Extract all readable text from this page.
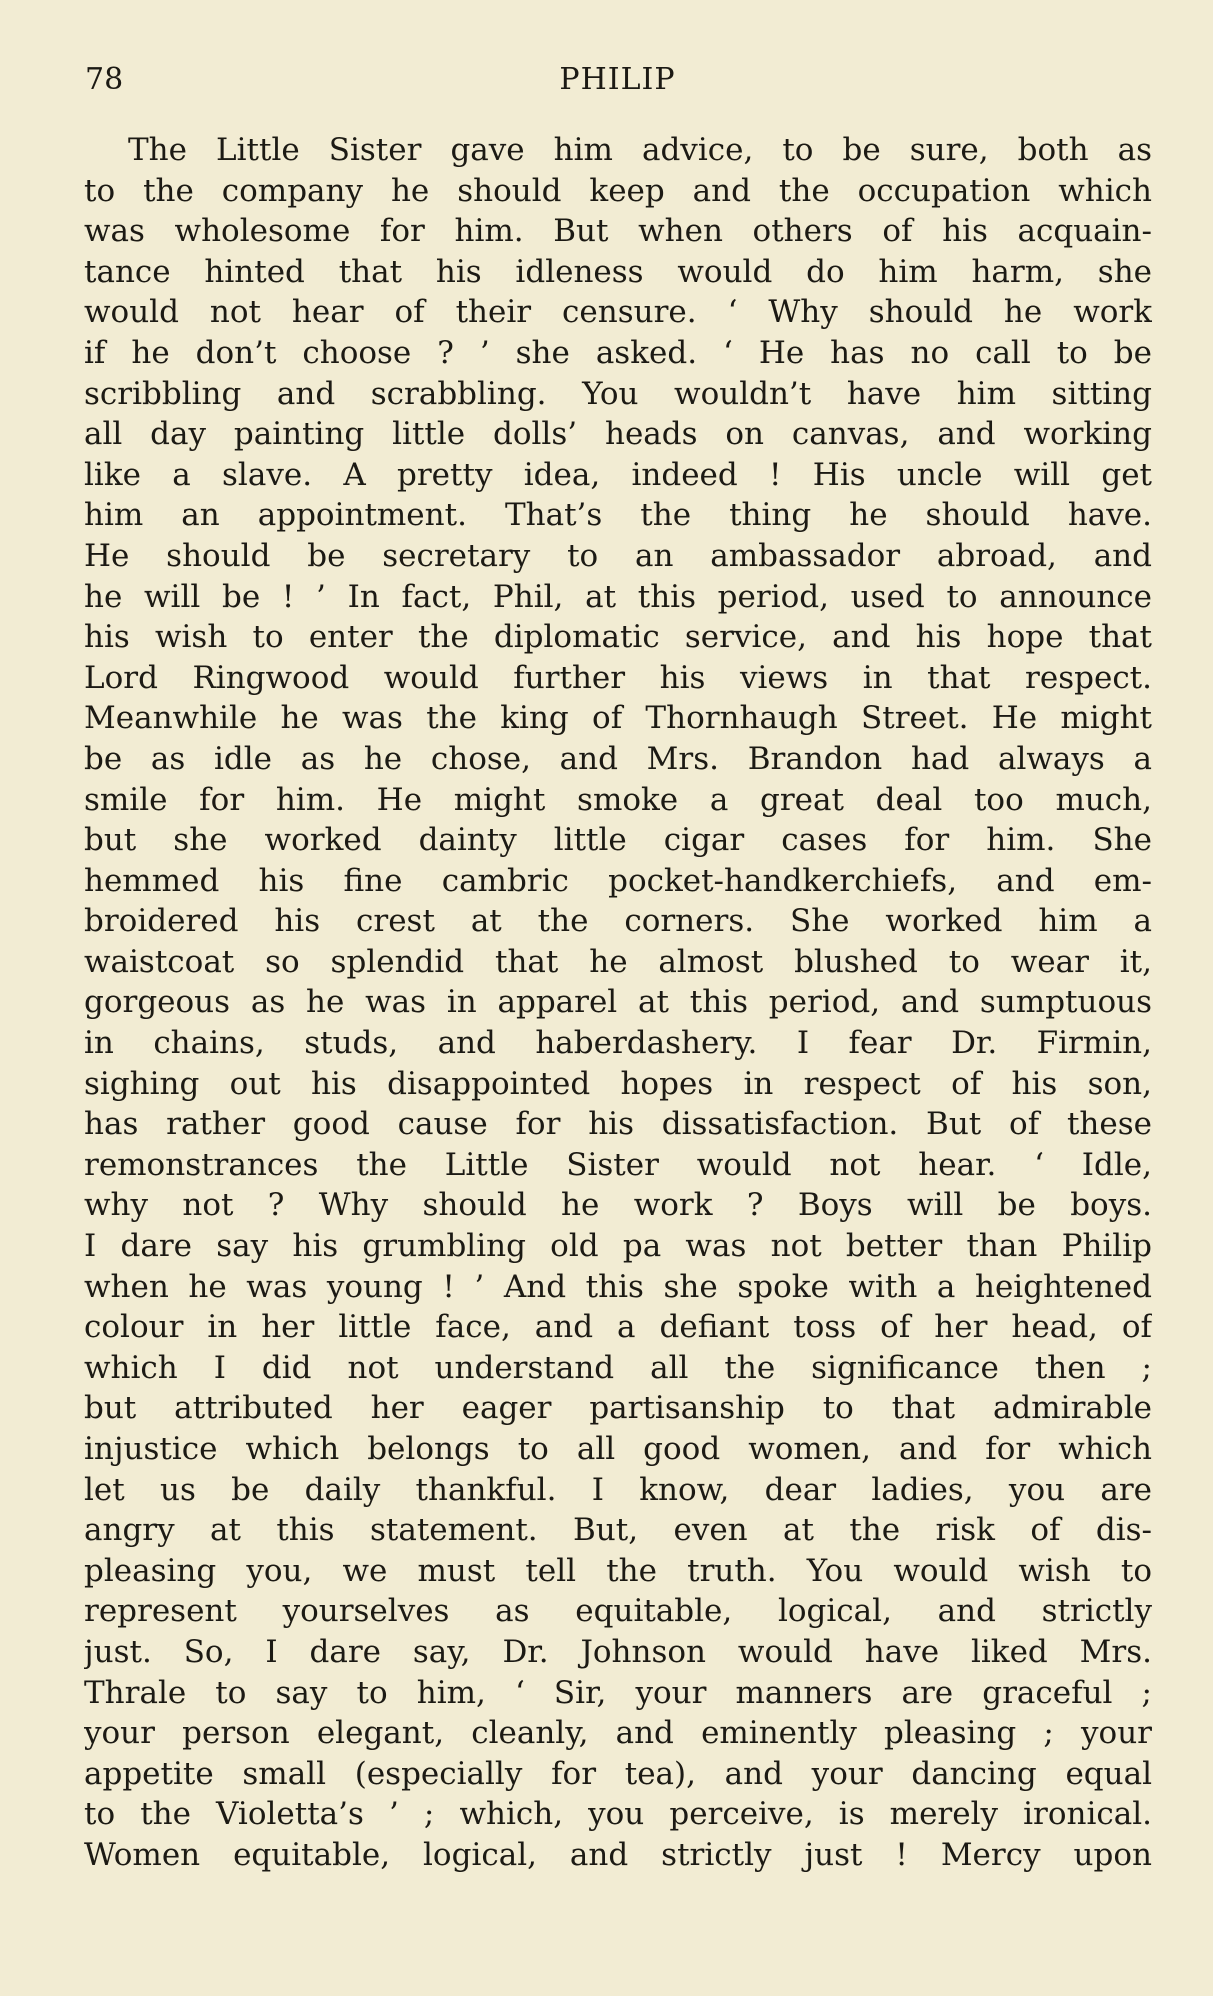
78	PHILIP
The Little Sister gave him advice, to be sure, both as
to the company he should keep and the occupation which
was wholesome for him. But when others of his acquain-
tance hinted that his idleness would do him harm, she
would not hear of their censure. ‘ Why should he work
if he don’t choose ? ’ she asked. ‘ He has no call to be
scribbling and scrabbling. You wouldn’t have him sitting
all day painting little dolls’ heads on canvas, and working
like a slave. A pretty idea, indeed ! His uncle will get
him an appointment. That’s the thing he should have.
He should be secretary to an ambassador abroad, and
he will be ! ’ In fact, Phil, at this period, used to announce
his wish to enter the diplomatic service, and his hope that
Lord Ringwood would further his views in that respect.
Meanwhile he was the king of Thornhaugh Street. He might
be as idle as he chose, and Mrs. Brandon had always a
smile for him. He might smoke a great deal too much,
but she worked dainty little cigar cases for him. She
hemmed his fine cambric pocket-handkerchiefs, and em-
broidered his crest at the corners. She worked him a
waistcoat so splendid that he almost blushed to wear it,
gorgeous as he was in apparel at this period, and sumptuous
in chains, studs, and haberdashery. I fear Dr. Firmin,
sighing out his disappointed hopes in respect of his son,
has rather good cause for his dissatisfaction. But of these
remonstrances the Little Sister would not hear. ‘ Idle,
why not ? Why should he work ? Boys will be boys.
I dare say his grumbling old pa was not better than Philip
when he was young ! ’ And this she spoke with a heightened
colour in her little face, and a defiant toss of her head, of
which I did not understand all the significance then ;
but attributed her eager partisanship to that admirable
injustice which belongs to all good women, and for which
let us be daily thankful. I know, dear ladies, you are
angry at this statement. But, even at the risk of dis-
pleasing you, we must tell the truth. You would wish to
represent yourselves as equitable, logical, and strictly
just. So, I dare say, Dr. Johnson would have liked Mrs.
Thrale to say to him, ‘ Sir, your manners are graceful ;
your person elegant, cleanly, and eminently pleasing ; your
appetite small (especially for tea), and your dancing equal
to the Violetta’s ’ ; which, you perceive, is merely ironical.
Women equitable, logical, and strictly just ! Mercy upon
